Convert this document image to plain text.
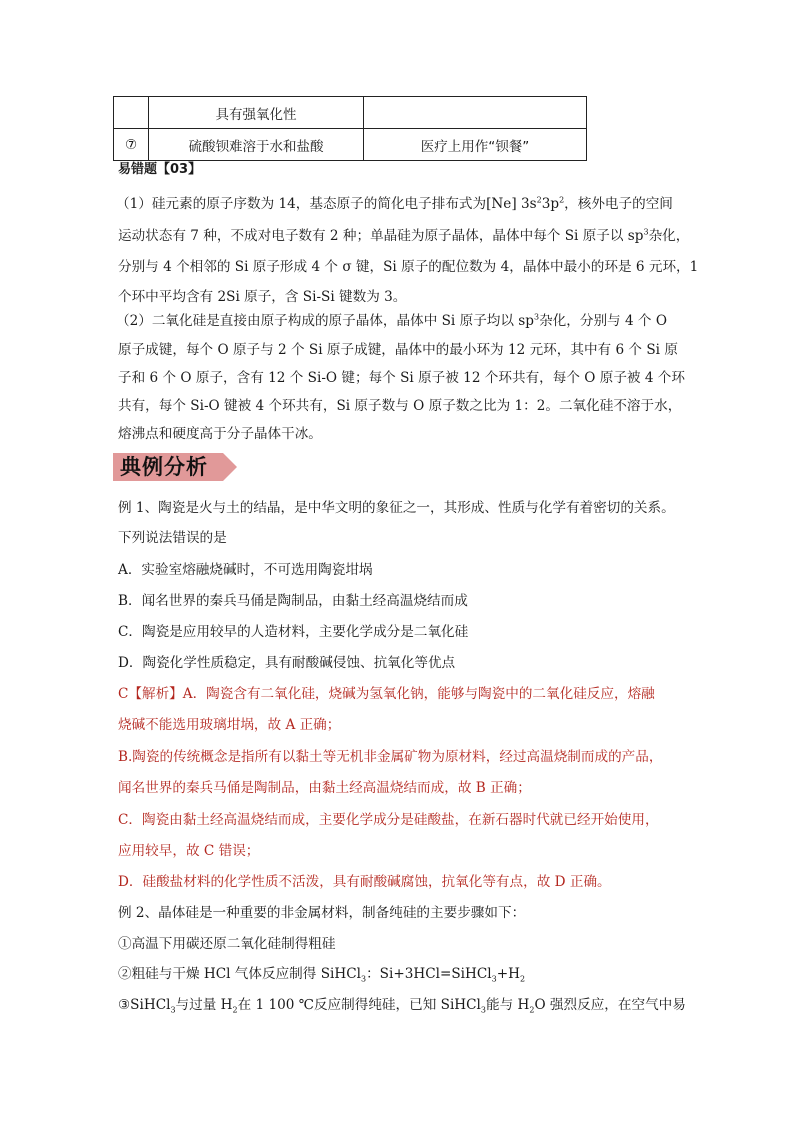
	具有强氧化性	
⑦	硫酸钡难溶于水和盐酸	医疗上用作“钡餐”
易错题【03】
（1）硅元素的原子序数为 14，基态原子的简化电子排布式为[Ne] $3s^23p^2$，核外电子的空间
运动状态有 7 种，不成对电子数有 2 种；单晶硅为原子晶体，晶体中每个 Si 原子以 $sp^3$杂化，
分别与 4 个相邻的 Si 原子形成 4 个 σ 键，Si 原子的配位数为 4，晶体中最小的环是 6 元环，1
个环中平均含有 2Si 原子，含 Si-Si 键数为 3。
（2）二氧化硅是直接由原子构成的原子晶体，晶体中 Si 原子均以 $sp^3$杂化，分别与 4 个 O
原子成键，每个 O 原子与 2 个 Si 原子成键，晶体中的最小环为 12 元环，其中有 6 个 Si 原
子和 6 个 O 原子，含有 12 个 Si-O 键；每个 Si 原子被 12 个环共有，每个 O 原子被 4 个环
共有，每个 Si-O 键被 4 个环共有，Si 原子数与 O 原子数之比为 1：2。二氧化硅不溶于水，
熔沸点和硬度高于分子晶体干冰。
典例分析
例 1、陶瓷是火与土的结晶，是中华文明的象征之一，其形成、性质与化学有着密切的关系。
下列说法错误的是
A．实验室熔融烧碱时，不可选用陶瓷坩埚
B．闻名世界的秦兵马俑是陶制品，由黏土经高温烧结而成
C．陶瓷是应用较早的人造材料，主要化学成分是二氧化硅
D．陶瓷化学性质稳定，具有耐酸碱侵蚀、抗氧化等优点
C【解析】A．陶瓷含有二氧化硅，烧碱为氢氧化钠，能够与陶瓷中的二氧化硅反应，熔融
烧碱不能选用玻璃坩埚，故 A 正确；
B.陶瓷的传统概念是指所有以黏土等无机非金属矿物为原材料，经过高温烧制而成的产品，
闻名世界的秦兵马俑是陶制品，由黏土经高温烧结而成，故 B 正确；
C．陶瓷由黏土经高温烧结而成，主要化学成分是硅酸盐，在新石器时代就已经开始使用，
应用较早，故 C 错误；
D．硅酸盐材料的化学性质不活泼，具有耐酸碱腐蚀，抗氧化等有点，故 D 正确。
例 2、晶体硅是一种重要的非金属材料，制备纯硅的主要步骤如下：
①高温下用碳还原二氧化硅制得粗硅
②粗硅与干燥 HCl 气体反应制得 SiHCl$_3$：$Si+3HCl=SiHCl_3+H_2$
③SiHCl$_3$与过量 $H_2$在 1 100 ℃反应制得纯硅，已知 SiHCl$_3$能与 $H_2O$ 强烈反应，在空气中易
